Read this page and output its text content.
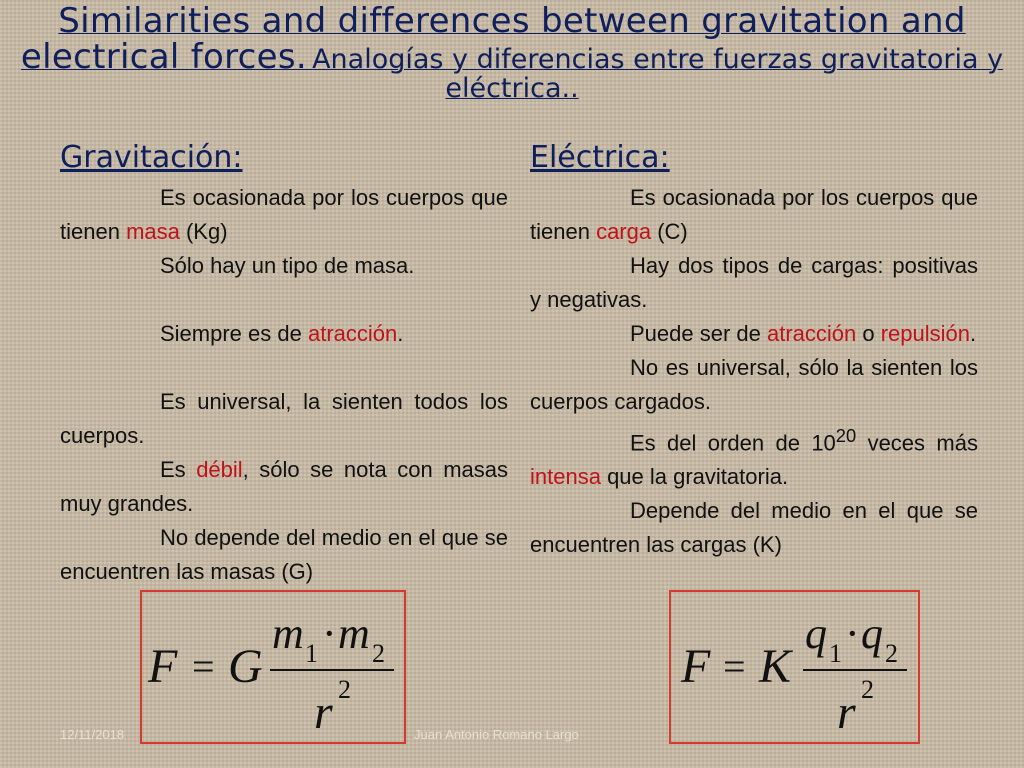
Similarities and differences between gravitation and electrical forces. Analogías y diferencias entre fuerzas gravitatoria y eléctrica..
Gravitación:

Es ocasionada por los cuerpos que tienen masa (Kg)

Sólo hay un tipo de masa.

Siempre es de atracción.

Es universal, la sienten todos los cuerpos.

Es débil, sólo se nota con masas muy grandes.

No depende del medio en el que se encuentren las masas (G)

Eléctrica:

Es ocasionada por los cuerpos que tienen carga (C)

Hay dos tipos de cargas: positivas y negativas.

Puede ser de atracción o repulsión.

No es universal, sólo la sienten los cuerpos cargados.

Es del orden de $10^{20}$ veces más intensa que la gravitatoria.

Depende del medio en el que se encuentren las cargas (K)

F = G
m 1 · m 2
r 2	F = K
q 1 · q 2
r 2
12/11/2018	Juan Antonio Romano Largo
